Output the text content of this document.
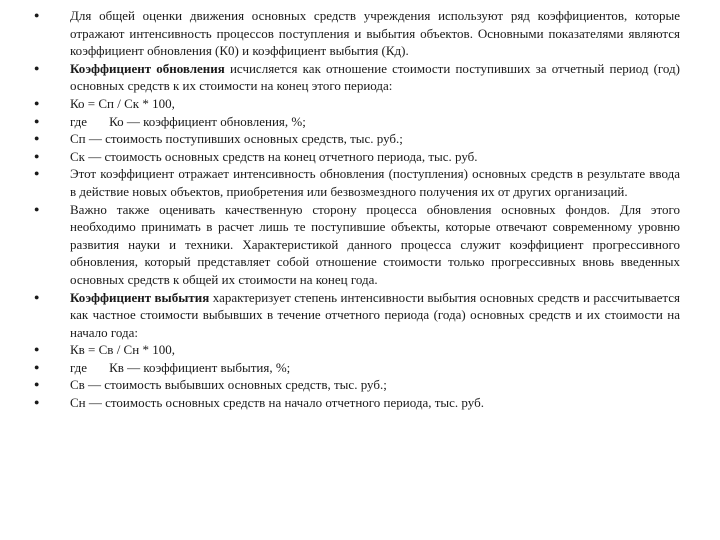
●	Для общей оценки движения основных средств учреждения используют ряд коэффициентов, которые отражают интенсивность процессов поступления и выбытия объектов. Основными показателями являются коэффициент обновления (К0) и коэффициент выбытия (Кд).
●	Коэффициент обновления исчисляется как отношение стоимости поступивших за отчетный период (год) основных средств к их стоимости на конец этого периода:
●	Ко = Сп / Ск * 100,
●	где Ко — коэффициент обновления, %;
●	Сп — стоимость поступивших основных средств, тыс. руб.;
●	Ск — стоимость основных средств на конец отчетного периода, тыс. руб.
●	Этот коэффициент отражает интенсивность обновления (поступления) основных средств в результате ввода в действие новых объектов, приобретения или безвозмездного получения их от других организаций.
●	Важно также оценивать качественную сторону процесса обновления основных фондов. Для этого необходимо принимать в расчет лишь те поступившие объекты, которые отвечают современному уровню развития науки и техники. Характеристикой данного процесса служит коэффициент прогрессивного обновления, который представляет собой отношение стоимости только прогрессивных вновь введенных основных средств к общей их стоимости на конец года.
●	Коэффициент выбытия характеризует степень интенсивности выбытия основных средств и рассчитывается как частное стоимости выбывших в течение отчетного периода (года) основных средств и их стоимости на начало года:
●	Кв = Св / Сн * 100,
●	где Кв — коэффициент выбытия, %;
●	Св — стоимость выбывших основных средств, тыс. руб.;
●	Сн — стоимость основных средств на начало отчетного периода, тыс. руб.
